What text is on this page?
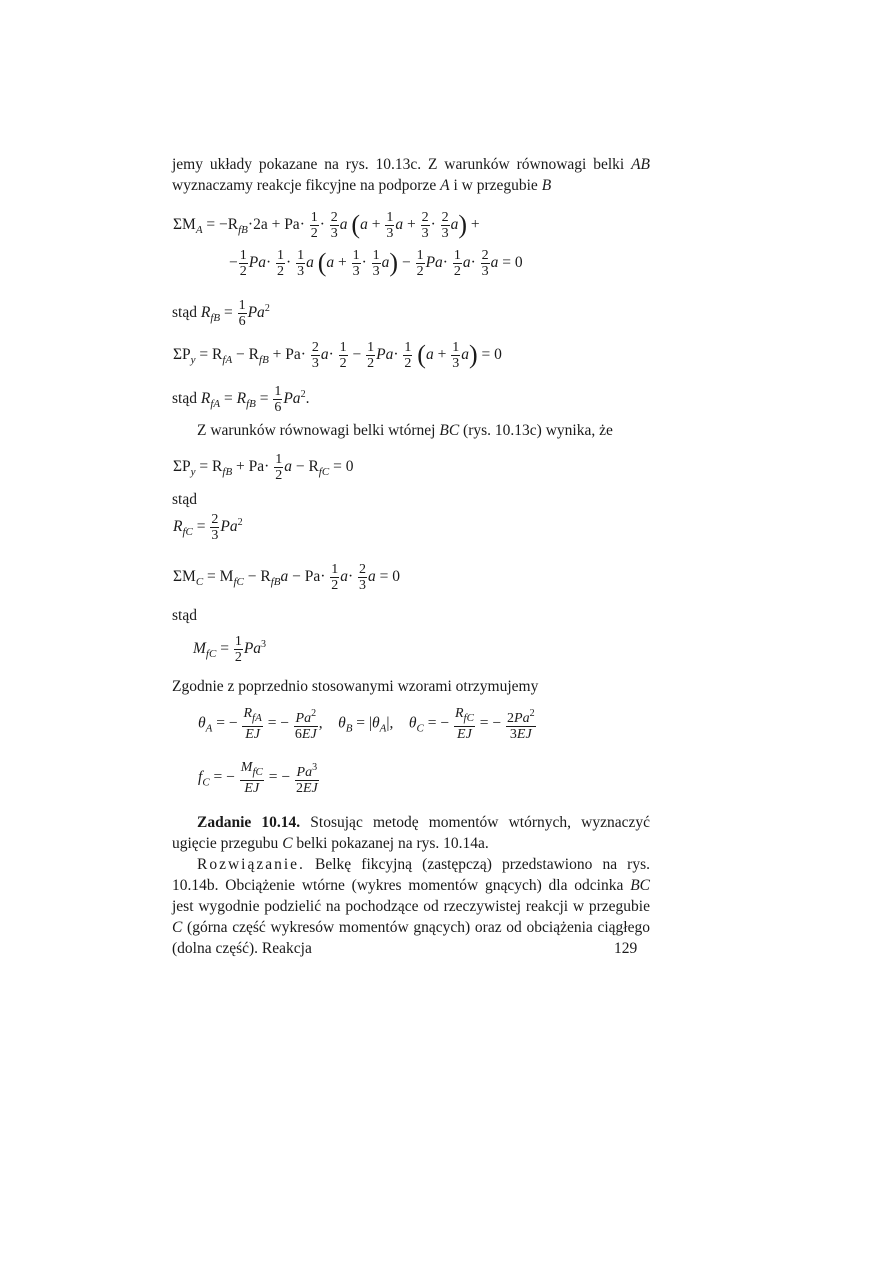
jemy układy pokazane na rys. 10.13c. Z warunków równowagi belki AB wyznaczamy reakcje fikcyjne na podporze A i w przegubie B

$\Sigma M_A = -R_{fB}\cdot 2a + Pa\cdot \frac{1}{2} \cdot \frac{2}{3}$ a ($a + \frac{1}{3}$ $a + \frac{2}{3} \cdot \frac{2}{3} a$) +
− $\frac{1}{2} Pa\cdot \frac{1}{2} \cdot \frac{1}{3}$ a $(a + \frac{1}{3} \cdot \frac{1}{3} a) - \frac{1}{2} Pa\cdot \frac{1}{2} a\cdot \frac{2}{3}$ a = 0
stąd $R_{fB} = \frac{1}{6} Pa^2$
$\Sigma P_y = R_{fA} - R_{fB} + Pa\cdot \frac{2}{3} a\cdot \frac{1}{2} - \frac{1}{2} Pa\cdot \frac{1}{2} (a + \frac{1}{3} a) = 0$
stąd $R_{fA} = R_{fB} = \frac{1}{6} Pa^2$.

Z warunków równowagi belki wtórnej BC (rys. 10.13c) wynika, że

$\Sigma P_y = R_{fB} + Pa\cdot \frac{1}{2}$ $a - R_{fC} = 0$

stąd

$R_{fC} = \frac{2}{3} Pa^2$
$\Sigma M_C = M_{fC} - R_{fB}a - Pa\cdot \frac{1}{2} a\cdot \frac{2}{3}$ a = 0

stąd

$M_{fC} = \frac{1}{2} Pa^3$

Zgodnie z poprzednio stosowanymi wzorami otrzymujemy

$\theta_A$ = − $\frac{R_{fA}}{EJ}$ = − $\frac{Pa^2}{6EJ}$ ,    $\theta_B = |\theta_A|$,    $\theta_C$ = − $\frac{R_{fC}}{EJ}$ = − $\frac{2Pa^2}{3EJ}$
$f_C$ = − $\frac{M_{fC}}{EJ}$ = − $\frac{Pa^3}{2EJ}$

Zadanie 10.14. Stosując metodę momentów wtórnych, wyznaczyć ugięcie przegubu C belki pokazanej na rys. 10.14a.

Rozwiązanie. Belkę fikcyjną (zastępczą) przedstawiono na rys. 10.14b. Obciążenie wtórne (wykres momentów gnących) dla odcinka BC jest wygodnie podzielić na pochodzące od rzeczywistej reakcji w przegubie C (górna część wykresów momentów gnących) oraz od obciążenia ciągłego (dolna część). Reakcja	129
